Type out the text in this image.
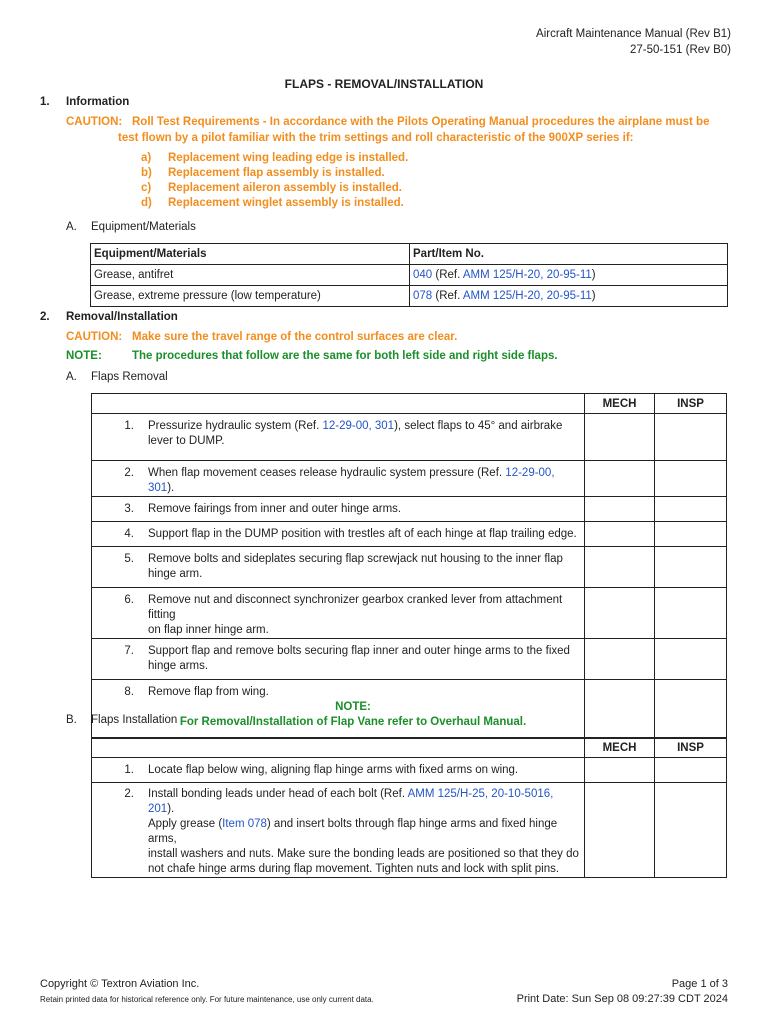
Aircraft Maintenance Manual (Rev B1)
27-50-151 (Rev B0)
FLAPS - REMOVAL/INSTALLATION
1. Information
CAUTION: Roll Test Requirements - In accordance with the Pilots Operating Manual procedures the airplane must be
test flown by a pilot familiar with the trim settings and roll characteristic of the 900XP series if:
a) Replacement wing leading edge is installed.
b) Replacement flap assembly is installed.
c) Replacement aileron assembly is installed.
d) Replacement winglet assembly is installed.
A. Equipment/Materials
Equipment/Materials	Part/Item No.
Grease, antifret	040 (Ref. AMM 125/H-20, 20-95-11)
Grease, extreme pressure (low temperature)	078 (Ref. AMM 125/H-20, 20-95-11)
2. Removal/Installation
CAUTION: Make sure the travel range of the control surfaces are clear.
NOTE:	The procedures that follow are the same for both left side and right side flaps.
A. Flaps Removal
	MECH	INSP

1. Pressurize hydraulic system (Ref. 12-29-00, 301), select flaps to 45° and airbrake
lever to DUMP.		

2. When flap movement ceases release hydraulic system pressure (Ref. 12-29-00, 301).		

3. Remove fairings from inner and outer hinge arms.		

4. Support flap in the DUMP position with trestles aft of each hinge at flap trailing edge.		

5. Remove bolts and sideplates securing flap screwjack nut housing to the inner flap
hinge arm.		

6. Remove nut and disconnect synchronizer gearbox cranked lever from attachment fitting
on flap inner hinge arm.		

7. Support flap and remove bolts securing flap inner and outer hinge arms to the fixed
hinge arms.		

8. Remove flap from wing.
NOTE:
For Removal/Installation of Flap Vane refer to Overhaul Manual.		

B. Flaps Installation
	MECH	INSP

1. Locate flap below wing, aligning flap hinge arms with fixed arms on wing.		

2. Install bonding leads under head of each bolt (Ref. AMM 125/H-25, 20-10-5016, 201).
Apply grease (Item 078) and insert bolts through flap hinge arms and fixed hinge arms,
install washers and nuts. Make sure the bonding leads are positioned so that they do
not chafe hinge arms during flap movement. Tighten nuts and lock with split pins.		

Copyright © Textron Aviation Inc.
Retain printed data for historical reference only. For future maintenance, use only current data.
Page 1 of 3
Print Date: Sun Sep 08 09:27:39 CDT 2024
